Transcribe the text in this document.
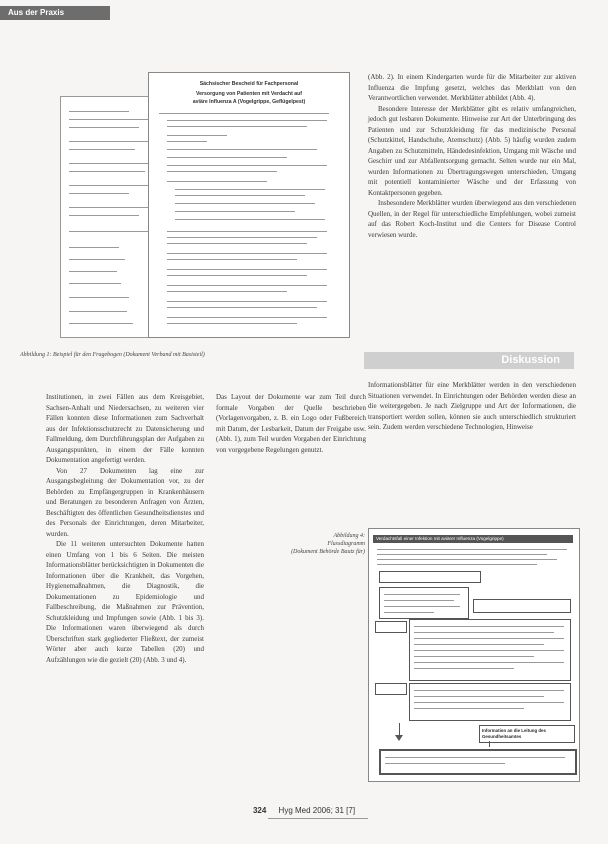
Aus der Praxis
Sächsischer Bescheid für Fachpersonal
Versorgung von Patienten mit Verdacht auf
aviäre Influenza A (Vogelgrippe, Geflügelpest)

(Abb. 2). In einem Kindergarten wurde für die Mitarbeiter zur aktiven Influenza die Impfung gesetzt, welches das Merkblatt von den Verantwortlichen verwendet. Merkblätter abbildet (Abb. 4).

Besondere Interesse der Merkblätter gibt es relativ umfangreichen, jedoch gut lesbaren Dokumente. Hinweise zur Art der Unterbringung des Patienten und zur Schutzkleidung für das medizinische Personal (Schutzkittel, Handschuhe, Atemschutz) (Abb. 5) häufig wurden zudem Angaben zu Schutzmitteln, Händedesinfektion, Umgang mit Wäsche und Geschirr und zur Abfallentsorgung gemacht. Selten wurde nur ein Mal, wurden Informationen zu Übertragungswegen unterschieden, Umgang mit potentiell kontaminierter Wäsche und der Erfassung von Kontaktpersonen gegeben.

Insbesondere Merkblätter wurden überwiegend aus den verschiedenen Quellen, in der Regel für unterschiedliche Empfehlungen, wobei zumeist auf das Robert Koch-Institut und die Centers for Disease Control verwiesen wurde.

Abbildung 1: Beispiel für den Fragebogen (Dokument Verband mit Basisteil)	Diskussion

Informationsblätter für eine Merkblätter werden in den verschiedenen Situationen verwendet. In Einrichtungen oder Behörden werden diese an die weitergegeben. Je nach Zielgruppe und Art der Informationen, die transportiert werden sollen, können sie auch unterschiedlich strukturiert sein. Zudem werden verschiedene Technologien, Hinweise

Institutionen, in zwei Fällen aus dem Kreisgebiet, Sachsen-Anhalt und Niedersachsen, zu weiteren vier Fällen konnten diese Informationen zum Sachverhalt aus der Infektionsschutzrecht zu Datensicherung und Fallmeldung, dem Durchführungsplan der Aufgaben zu Ausgangspunkten, in einem der Fälle konnten Dokumentation angefertigt werden.

Von 27 Dokumenten lag eine zur Ausgangsbegleitung der Dokumentation vor, zu der Behörden zu Empfängergruppen in Krankenhäusern und Beratungen zu besonderen Anfragen von Ärzten, Beschäftigten des öffentlichen Gesundheitsdienstes und des Personals der Einrichtungen, deren Mitarbeiter, wurden.

Die 11 weiteren untersuchten Dokumente hatten einen Umfang von 1 bis 6 Seiten. Die meisten Informationsblätter berücksichtigten in Dokumenten die Informationen über die Krankheit, das Vorgehen, Hygienemaßnahmen, die Diagnostik, die Dokumentationen zu Epidemiologie und Fallbeschreibung, die Maßnahmen zur Prävention, Schutzkleidung und Impfungen sowie (Abb. 1 bis 3). Die Informationen waren überwiegend als durch Überschriften stark gegliederter Fließtext, der zumeist Wörter aber auch kurze Tabellen (20) und Aufzählungen wie die gezielt (20) (Abb. 3 und 4).

Das Layout der Dokumente war zum Teil durch formale Vorgaben der Quelle beschrieben (Vorlagenvorgaben, z. B. ein Logo oder Fußbereich mit Datum, der Lesbarkeit, Datum der Freigabe usw. (Abb. 1), zum Teil wurden Vorgaben der Einrichtung von vorgegebene Regelungen genutzt.

Abbildung 4:
Flussdiagramm
(Dokument Behörde Bautz für)
Verdachtsfall einer Infektion mit aviärer Influenza (Vogelgrippe)
Information an die Leitung des Gesundheitsamtes
324 Hyg Med 2006; 31 [7]
